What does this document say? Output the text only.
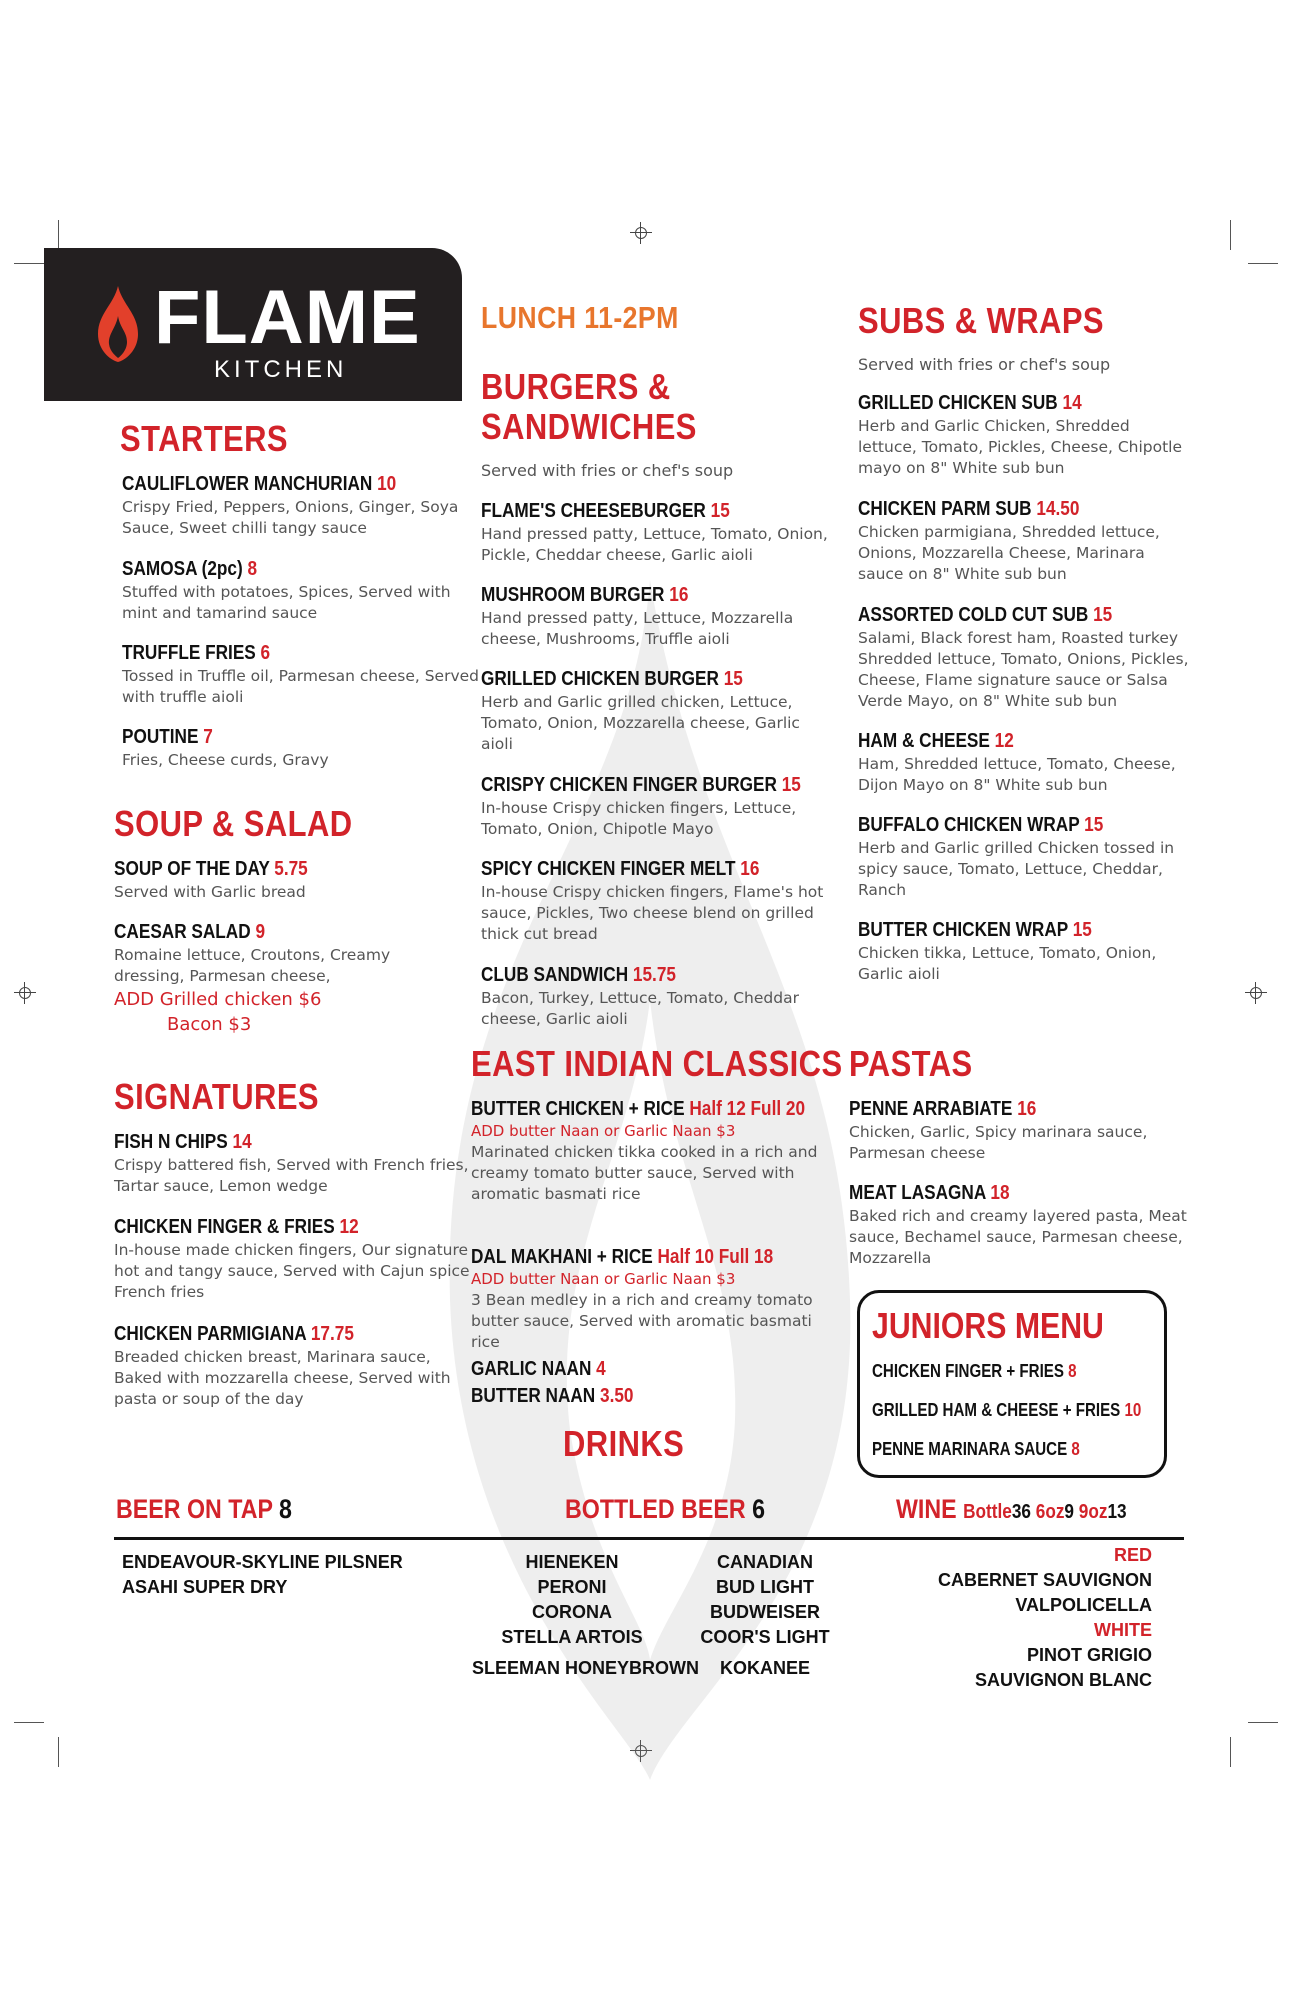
FLAME
KITCHEN
STARTERS
CAULIFLOWER MANCHURIAN 10
Crispy Fried, Peppers, Onions, Ginger, Soya Sauce, Sweet chilli tangy sauce
SAMOSA (2pc) 8
Stuffed with potatoes, Spices, Served with mint and tamarind sauce
TRUFFLE FRIES 6
Tossed in Truffle oil, Parmesan cheese, Served with truffle aioli
POUTINE 7
Fries, Cheese curds, Gravy
SOUP & SALAD
SOUP OF THE DAY 5.75
Served with Garlic bread
CAESAR SALAD 9
Romaine lettuce, Croutons, Creamy dressing, Parmesan cheese,
ADD Grilled chicken $6
Bacon $3
SIGNATURES
FISH N CHIPS 14
Crispy battered fish, Served with French fries, Tartar sauce, Lemon wedge
CHICKEN FINGER & FRIES 12
In-house made chicken fingers, Our signature hot and tangy sauce, Served with Cajun spice French fries
CHICKEN PARMIGIANA 17.75
Breaded chicken breast, Marinara sauce, Baked with mozzarella cheese, Served with pasta or soup of the day
LUNCH 11-2PM
BURGERS &
SANDWICHES
Served with fries or chef's soup
FLAME'S CHEESEBURGER 15
Hand pressed patty, Lettuce, Tomato, Onion, Pickle, Cheddar cheese, Garlic aioli
MUSHROOM BURGER 16
Hand pressed patty, Lettuce, Mozzarella cheese, Mushrooms, Truffle aioli
GRILLED CHICKEN BURGER 15
Herb and Garlic grilled chicken, Lettuce, Tomato, Onion, Mozzarella cheese, Garlic aioli
CRISPY CHICKEN FINGER BURGER 15
In-house Crispy chicken fingers, Lettuce, Tomato, Onion, Chipotle Mayo
SPICY CHICKEN FINGER MELT 16
In-house Crispy chicken fingers, Flame's hot sauce, Pickles, Two cheese blend on grilled thick cut bread
CLUB SANDWICH 15.75
Bacon, Turkey, Lettuce, Tomato, Cheddar cheese, Garlic aioli
SUBS & WRAPS
Served with fries or chef's soup
GRILLED CHICKEN SUB 14
Herb and Garlic Chicken, Shredded lettuce, Tomato, Pickles, Cheese, Chipotle mayo on 8" White sub bun
CHICKEN PARM SUB 14.50
Chicken parmigiana, Shredded lettuce, Onions, Mozzarella Cheese, Marinara sauce on 8" White sub bun
ASSORTED COLD CUT SUB 15
Salami, Black forest ham, Roasted turkey Shredded lettuce, Tomato, Onions, Pickles, Cheese, Flame signature sauce or Salsa Verde Mayo, on 8" White sub bun
HAM & CHEESE 12
Ham, Shredded lettuce, Tomato, Cheese, Dijon Mayo on 8" White sub bun
BUFFALO CHICKEN WRAP 15
Herb and Garlic grilled Chicken tossed in spicy sauce, Tomato, Lettuce, Cheddar, Ranch
BUTTER CHICKEN WRAP 15
Chicken tikka, Lettuce, Tomato, Onion, Garlic aioli
EAST INDIAN CLASSICS
BUTTER CHICKEN + RICE Half 12 Full 20
ADD butter Naan or Garlic Naan $3
Marinated chicken tikka cooked in a rich and creamy tomato butter sauce, Served with aromatic basmati rice
DAL MAKHANI + RICE Half 10 Full 18
ADD butter Naan or Garlic Naan $3
3 Bean medley in a rich and creamy tomato butter sauce, Served with aromatic basmati rice
GARLIC NAAN 4
BUTTER NAAN 3.50
PASTAS
PENNE ARRABIATE 16
Chicken, Garlic, Spicy marinara sauce, Parmesan cheese
MEAT LASAGNA 18
Baked rich and creamy layered pasta, Meat sauce, Bechamel sauce, Parmesan cheese, Mozzarella
JUNIORS MENU
CHICKEN FINGER + FRIES 8
GRILLED HAM & CHEESE + FRIES 10
PENNE MARINARA SAUCE 8
DRINKS
BEER ON TAP 8	BOTTLED BEER 6	WINE Bottle36 6oz9 9oz13
ENDEAVOUR-SKYLINE PILSNER
ASAHI SUPER DRY
HIENEKEN
PERONI
CORONA
STELLA ARTOIS
SLEEMAN HONEYBROWN
CANADIAN
BUD LIGHT
BUDWEISER
COOR'S LIGHT
KOKANEE
RED
CABERNET SAUVIGNON
VALPOLICELLA
WHITE
PINOT GRIGIO
SAUVIGNON BLANC
